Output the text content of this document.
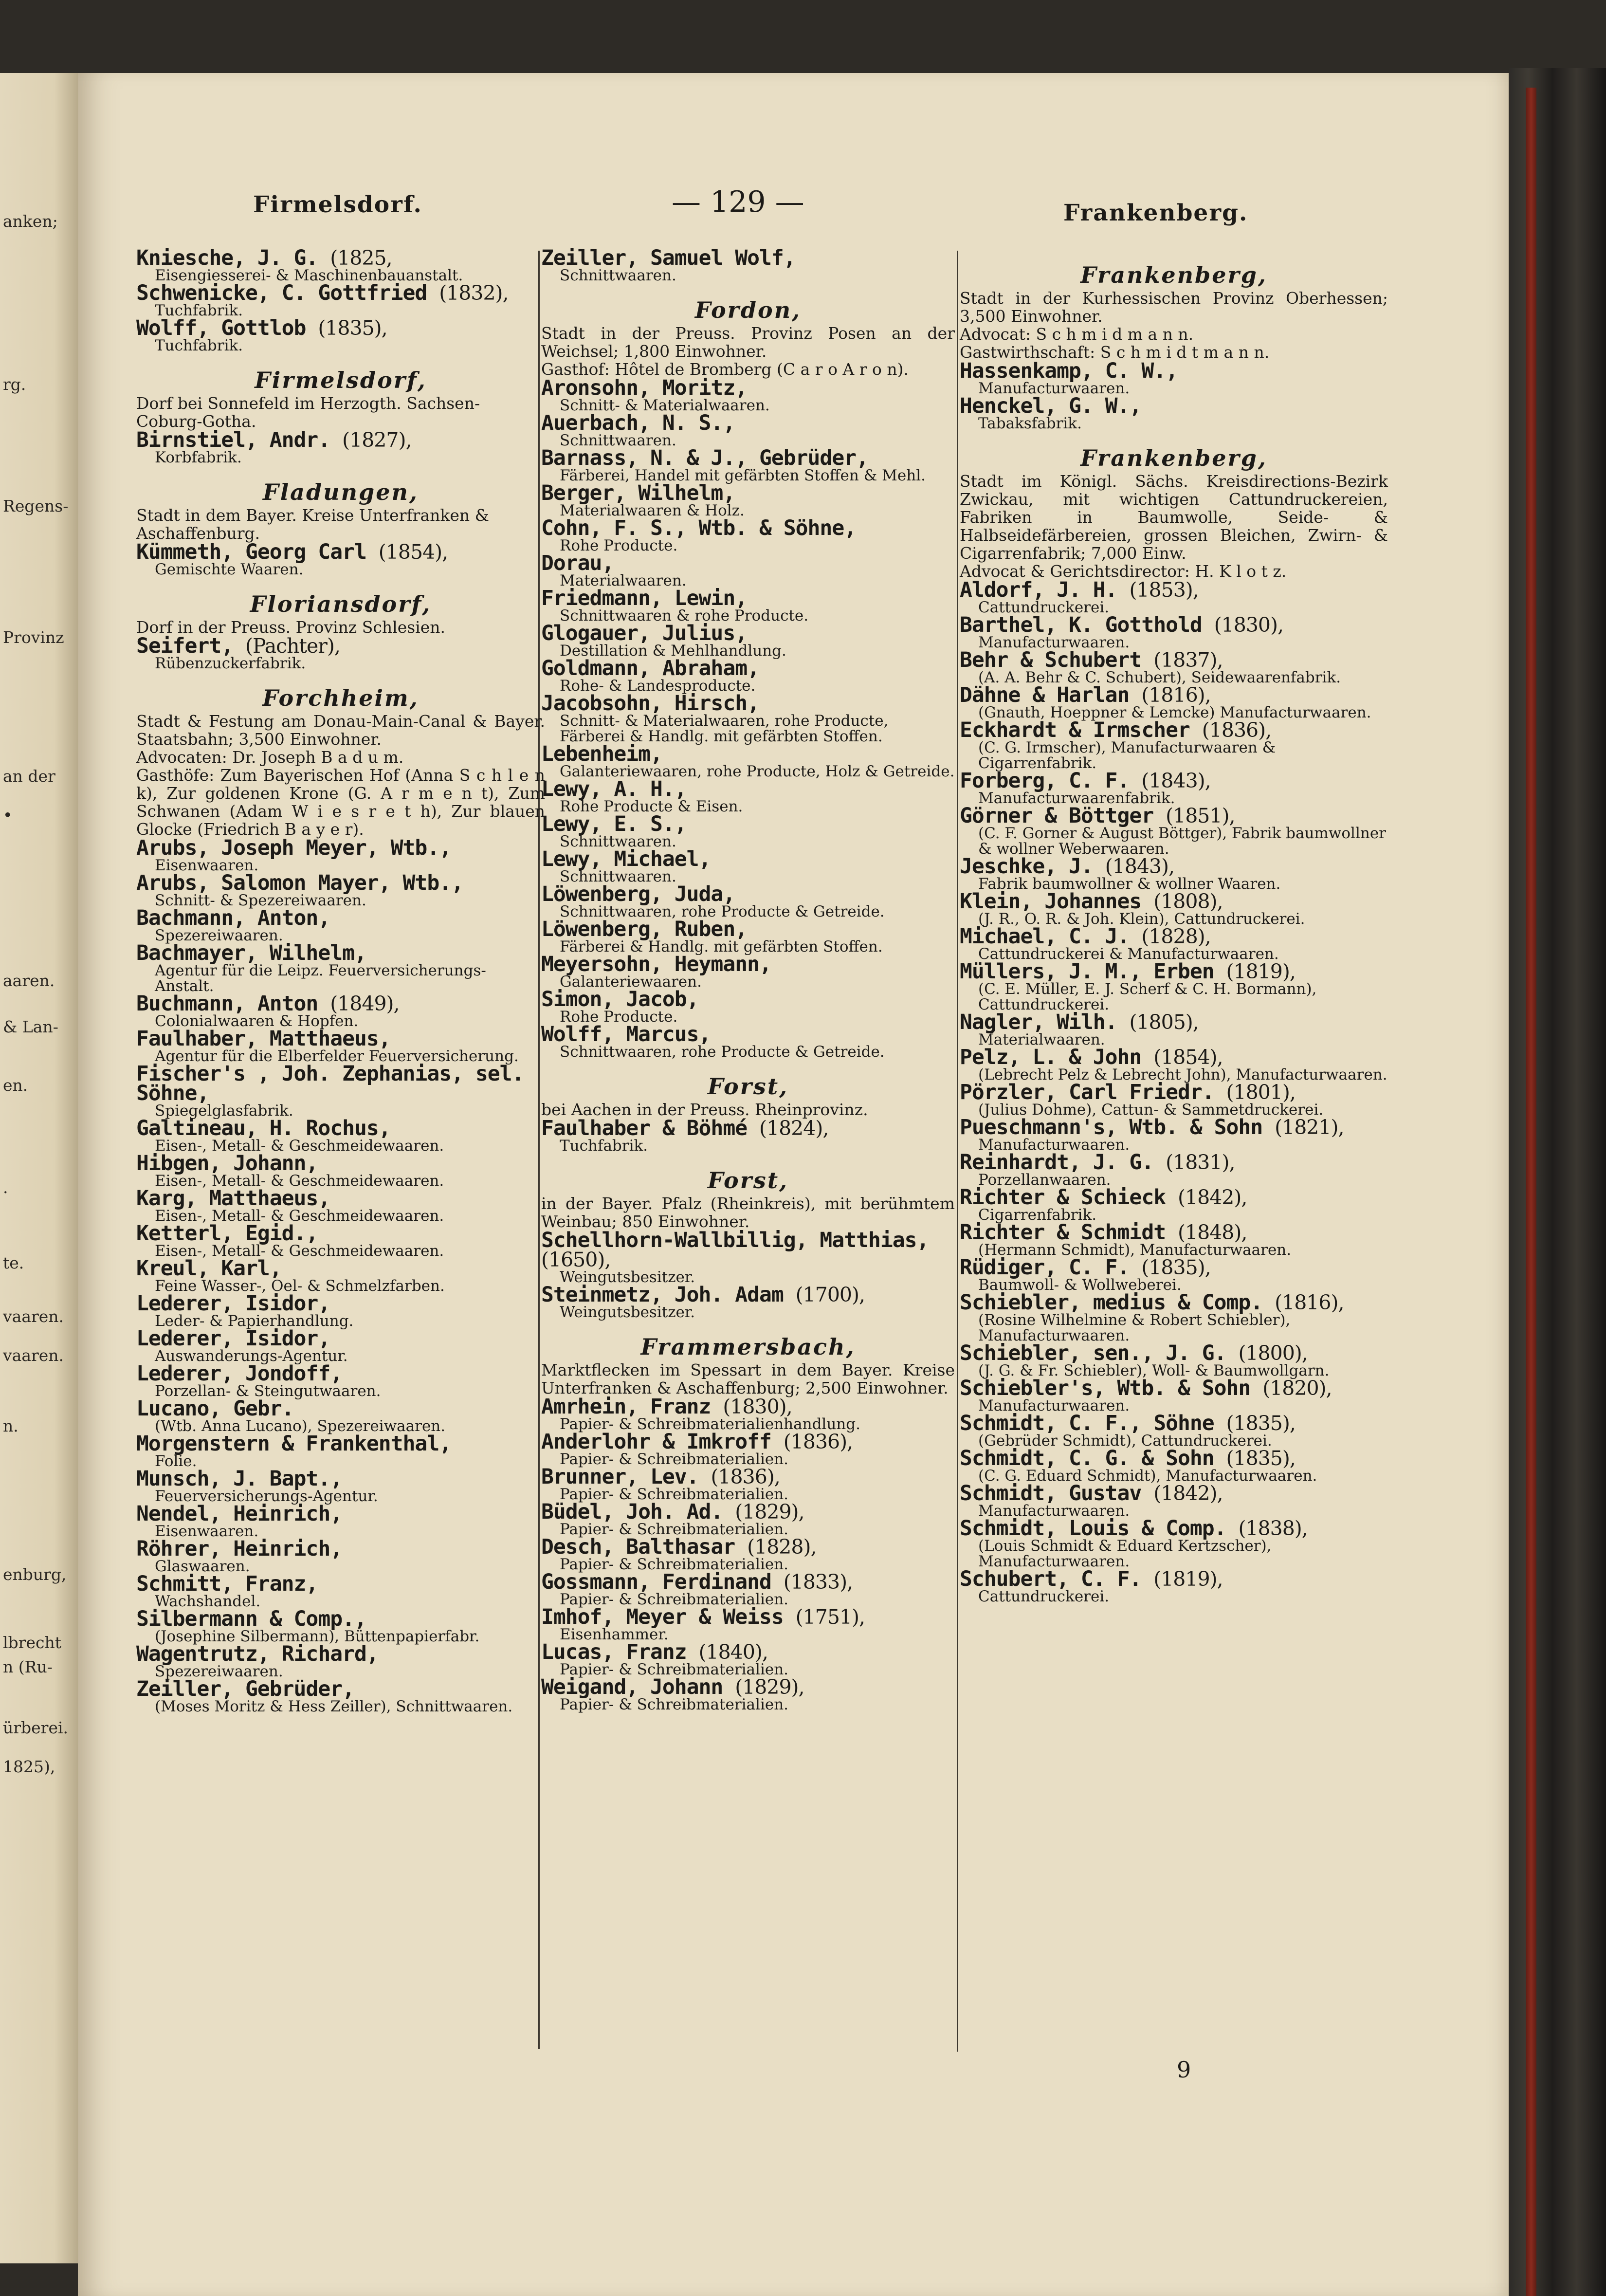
anken;
rg.
Regens-
Provinz
an der
•
aaren.
& Lan-
en.
.
te.
vaaren.
vaaren.
n.
enburg,
lbrecht
n (Ru-
ürberei.
1825),
Firmelsdorf.	— 129 —	Frankenberg.
Kniesche, J. G. (1825,
Eisengiesserei- & Maschinenbauanstalt.
Schwenicke, C. Gottfried (1832),
Tuchfabrik.
Wolff, Gottlob (1835),
Tuchfabrik.
Firmelsdorf,
Dorf bei Sonnefeld im Herzogth. Sachsen-
Coburg-Gotha.
Birnstiel, Andr. (1827),
Korbfabrik.
Fladungen,
Stadt in dem Bayer. Kreise Unterfranken &
Aschaffenburg.
Kümmeth, Georg Carl (1854),
Gemischte Waaren.
Floriansdorf,
Dorf in der Preuss. Provinz Schlesien.
Seifert, (Pachter),
Rübenzuckerfabrik.
Forchheim,
Stadt & Festung am Donau-Main-Canal & Bayer. Staatsbahn; 3,500 Einwohner.
Advocaten: Dr. Joseph B a d u m.
Gasthöfe: Zum Bayerischen Hof (Anna S c h l e n k), Zur goldenen Krone (G. A r m e n t), Zum Schwanen (Adam W i e s r e t h), Zur blauen Glocke (Friedrich B a y e r).
Arubs, Joseph Meyer, Wtb.,
Eisenwaaren.
Arubs, Salomon Mayer, Wtb.,
Schnitt- & Spezereiwaaren.
Bachmann, Anton,
Spezereiwaaren.
Bachmayer, Wilhelm,
Agentur für die Leipz. Feuerversicherungs-Anstalt.
Buchmann, Anton (1849),
Colonialwaaren & Hopfen.
Faulhaber, Matthaeus,
Agentur für die Elberfelder Feuerversicherung.
Fischer's , Joh. Zephanias, sel. Söhne,
Spiegelglasfabrik.
Galtineau, H. Rochus,
Eisen-, Metall- & Geschmeidewaaren.
Hibgen, Johann,
Eisen-, Metall- & Geschmeidewaaren.
Karg, Matthaeus,
Eisen-, Metall- & Geschmeidewaaren.
Ketterl, Egid.,
Eisen-, Metall- & Geschmeidewaaren.
Kreul, Karl,
Feine Wasser-, Oel- & Schmelzfarben.
Lederer, Isidor,
Leder- & Papierhandlung.
Lederer, Isidor,
Auswanderungs-Agentur.
Lederer, Jondoff,
Porzellan- & Steingutwaaren.
Lucano, Gebr.
(Wtb. Anna Lucano), Spezereiwaaren.
Morgenstern & Frankenthal,
Folie.
Munsch, J. Bapt.,
Feuerversicherungs-Agentur.
Nendel, Heinrich,
Eisenwaaren.
Röhrer, Heinrich,
Glaswaaren.
Schmitt, Franz,
Wachshandel.
Silbermann & Comp.,
(Josephine Silbermann), Büttenpapierfabr.
Wagentrutz, Richard,
Spezereiwaaren.
Zeiller, Gebrüder,
(Moses Moritz & Hess Zeiller), Schnittwaaren.
Zeiller, Samuel Wolf,
Schnittwaaren.
Fordon,
Stadt in der Preuss. Provinz Posen an der Weichsel; 1,800 Einwohner.
Gasthof: Hôtel de Bromberg (C a r o A r o n).
Aronsohn, Moritz,
Schnitt- & Materialwaaren.
Auerbach, N. S.,
Schnittwaaren.
Barnass, N. & J., Gebrüder,
Färberei, Handel mit gefärbten Stoffen & Mehl.
Berger, Wilhelm,
Materialwaaren & Holz.
Cohn, F. S., Wtb. & Söhne,
Rohe Producte.
Dorau,
Materialwaaren.
Friedmann, Lewin,
Schnittwaaren & rohe Producte.
Glogauer, Julius,
Destillation & Mehlhandlung.
Goldmann, Abraham,
Rohe- & Landesproducte.
Jacobsohn, Hirsch,
Schnitt- & Materialwaaren, rohe Producte, Färberei & Handlg. mit gefärbten Stoffen.
Lebenheim,
Galanteriewaaren, rohe Producte, Holz & Getreide.
Lewy, A. H.,
Rohe Producte & Eisen.
Lewy, E. S.,
Schnittwaaren.
Lewy, Michael,
Schnittwaaren.
Löwenberg, Juda,
Schnittwaaren, rohe Producte & Getreide.
Löwenberg, Ruben,
Färberei & Handlg. mit gefärbten Stoffen.
Meyersohn, Heymann,
Galanteriewaaren.
Simon, Jacob,
Rohe Producte.
Wolff, Marcus,
Schnittwaaren, rohe Producte & Getreide.
Forst,
bei Aachen in der Preuss. Rheinprovinz.
Faulhaber & Böhmé (1824),
Tuchfabrik.
Forst,
in der Bayer. Pfalz (Rheinkreis), mit berühmtem Weinbau; 850 Einwohner.
Schellhorn-Wallbillig, Matthias, (1650),
Weingutsbesitzer.
Steinmetz, Joh. Adam (1700),
Weingutsbesitzer.
Frammersbach,
Marktflecken im Spessart in dem Bayer. Kreise Unterfranken & Aschaffenburg; 2,500 Einwohner.
Amrhein, Franz (1830),
Papier- & Schreibmaterialienhandlung.
Anderlohr & Imkroff (1836),
Papier- & Schreibmaterialien.
Brunner, Lev. (1836),
Papier- & Schreibmaterialien.
Büdel, Joh. Ad. (1829),
Papier- & Schreibmaterialien.
Desch, Balthasar (1828),
Papier- & Schreibmaterialien.
Gossmann, Ferdinand (1833),
Papier- & Schreibmaterialien.
Imhof, Meyer & Weiss (1751),
Eisenhammer.
Lucas, Franz (1840),
Papier- & Schreibmaterialien.
Weigand, Johann (1829),
Papier- & Schreibmaterialien.
Frankenberg,
Stadt in der Kurhessischen Provinz Oberhessen; 3,500 Einwohner.
Advocat: S c h m i d m a n n.
Gastwirthschaft: S c h m i d t m a n n.
Hassenkamp, C. W.,
Manufacturwaaren.
Henckel, G. W.,
Tabaksfabrik.
Frankenberg,
Stadt im Königl. Sächs. Kreisdirections-Bezirk Zwickau, mit wichtigen Cattundruckereien, Fabriken in Baumwolle, Seide- & Halbseidefärbereien, grossen Bleichen, Zwirn- & Cigarrenfabrik; 7,000 Einw.
Advocat & Gerichtsdirector: H. K l o t z.
Aldorf, J. H. (1853),
Cattundruckerei.
Barthel, K. Gotthold (1830),
Manufacturwaaren.
Behr & Schubert (1837),
(A. A. Behr & C. Schubert), Seidewaarenfabrik.
Dähne & Harlan (1816),
(Gnauth, Hoeppner & Lemcke) Manufacturwaaren.
Eckhardt & Irmscher (1836),
(C. G. Irmscher), Manufacturwaaren & Cigarrenfabrik.
Forberg, C. F. (1843),
Manufacturwaarenfabrik.
Görner & Böttger (1851),
(C. F. Gorner & August Böttger), Fabrik baumwollner & wollner Weberwaaren.
Jeschke, J. (1843),
Fabrik baumwollner & wollner Waaren.
Klein, Johannes (1808),
(J. R., O. R. & Joh. Klein), Cattundruckerei.
Michael, C. J. (1828),
Cattundruckerei & Manufacturwaaren.
Müllers, J. M., Erben (1819),
(C. E. Müller, E. J. Scherf & C. H. Bormann), Cattundruckerei.
Nagler, Wilh. (1805),
Materialwaaren.
Pelz, L. & John (1854),
(Lebrecht Pelz & Lebrecht John), Manufacturwaaren.
Pörzler, Carl Friedr. (1801),
(Julius Dohme), Cattun- & Sammetdruckerei.
Pueschmann's, Wtb. & Sohn (1821),
Manufacturwaaren.
Reinhardt, J. G. (1831),
Porzellanwaaren.
Richter & Schieck (1842),
Cigarrenfabrik.
Richter & Schmidt (1848),
(Hermann Schmidt), Manufacturwaaren.
Rüdiger, C. F. (1835),
Baumwoll- & Wollweberei.
Schiebler, medius & Comp. (1816),
(Rosine Wilhelmine & Robert Schiebler), Manufacturwaaren.
Schiebler, sen., J. G. (1800),
(J. G. & Fr. Schiebler), Woll- & Baumwollgarn.
Schiebler's, Wtb. & Sohn (1820),
Manufacturwaaren.
Schmidt, C. F., Söhne (1835),
(Gebrüder Schmidt), Cattundruckerei.
Schmidt, C. G. & Sohn (1835),
(C. G. Eduard Schmidt), Manufacturwaaren.
Schmidt, Gustav (1842),
Manufacturwaaren.
Schmidt, Louis & Comp. (1838),
(Louis Schmidt & Eduard Kertzscher), Manufacturwaaren.
Schubert, C. F. (1819),
Cattundruckerei.
9
